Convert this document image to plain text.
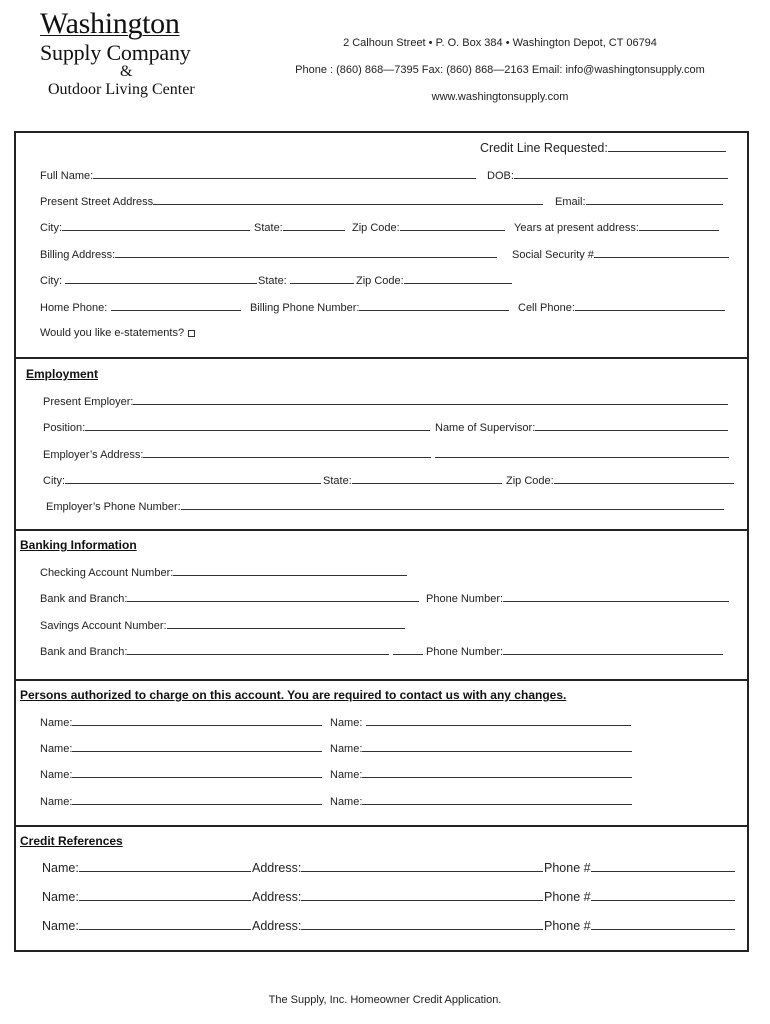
Washington
Supply Company
&
Outdoor Living Center
2 Calhoun Street • P. O. Box 384 • Washington Depot, CT 06794
Phone : (860) 868—7395 Fax: (860) 868—2163 Email: info@washingtonsupply.com
www.washingtonsupply.com
Credit Line Requested:
Full Name:	DOB:
Present Street Address	Email:
City:	State:	Zip Code:	Years at present address:
Billing Address:	Social Security #
City:	State:	Zip Code:
Home Phone:	Billing Phone Number:	Cell Phone:
Would you like e-statements?
Employment
Present Employer:
Position:	Name of Supervisor:
Employer’s Address:
City:	State:	Zip Code:
Employer’s Phone Number:
Banking Information
Checking Account Number:
Bank and Branch:	Phone Number:
Savings Account Number:
Bank and Branch:	Phone Number:
Persons authorized to charge on this account. You are required to contact us with any changes.
Name:	Name:
Name:	Name:
Name:	Name:
Name:	Name:
Credit References
Name:	Address:	Phone #
Name:	Address:	Phone #
Name:	Address:	Phone #
The Supply, Inc. Homeowner Credit Application.
